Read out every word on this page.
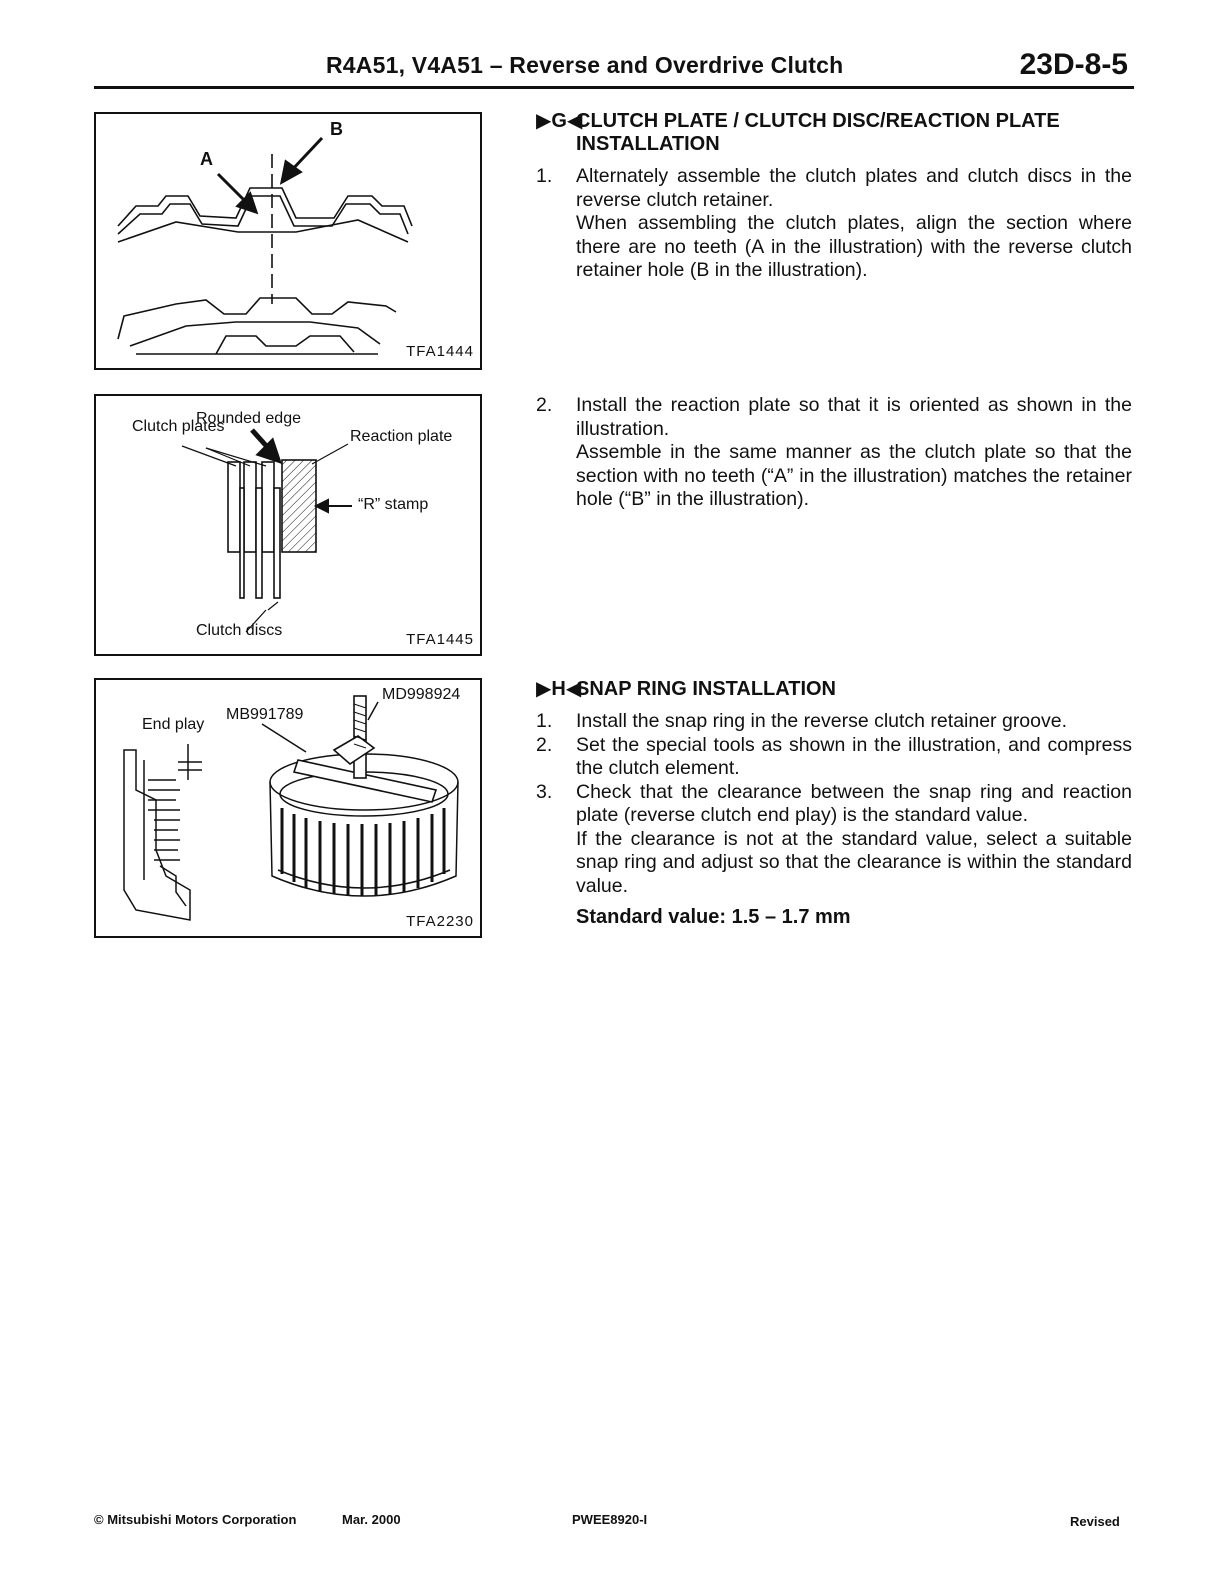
R4A51, V4A51 – Reverse and Overdrive Clutch	23D-8-5
A
B
TFA1444
Clutch plates
Rounded edge
Reaction plate
“R” stamp
Clutch discs
TFA1445
End play
MB991789
MD998924
TFA2230
▶G◀
CLUTCH PLATE / CLUTCH DISC/REACTION PLATE INSTALLATION
1. Alternately assemble the clutch plates and clutch discs in the reverse clutch retainer.

When assembling the clutch plates, align the section where there are no teeth (A in the illustration) with the reverse clutch retainer hole (B in the illustration).

2. Install the reaction plate so that it is oriented as shown in the illustration.

Assemble in the same manner as the clutch plate so that the section with no teeth (“A” in the illustration) matches the retainer hole (“B” in the illustration).

▶H◀
SNAP RING INSTALLATION
1. Install the snap ring in the reverse clutch retainer groove.

2. Set the special tools as shown in the illustration, and compress the clutch element.

3. Check that the clearance between the snap ring and reaction plate (reverse clutch end play) is the standard value.

If the clearance is not at the standard value, select a suitable snap ring and adjust so that the clearance is within the standard value.

Standard value: 1.5 – 1.7 mm
© Mitsubishi Motors Corporation	Mar. 2000	PWEE8920-I	Revised
